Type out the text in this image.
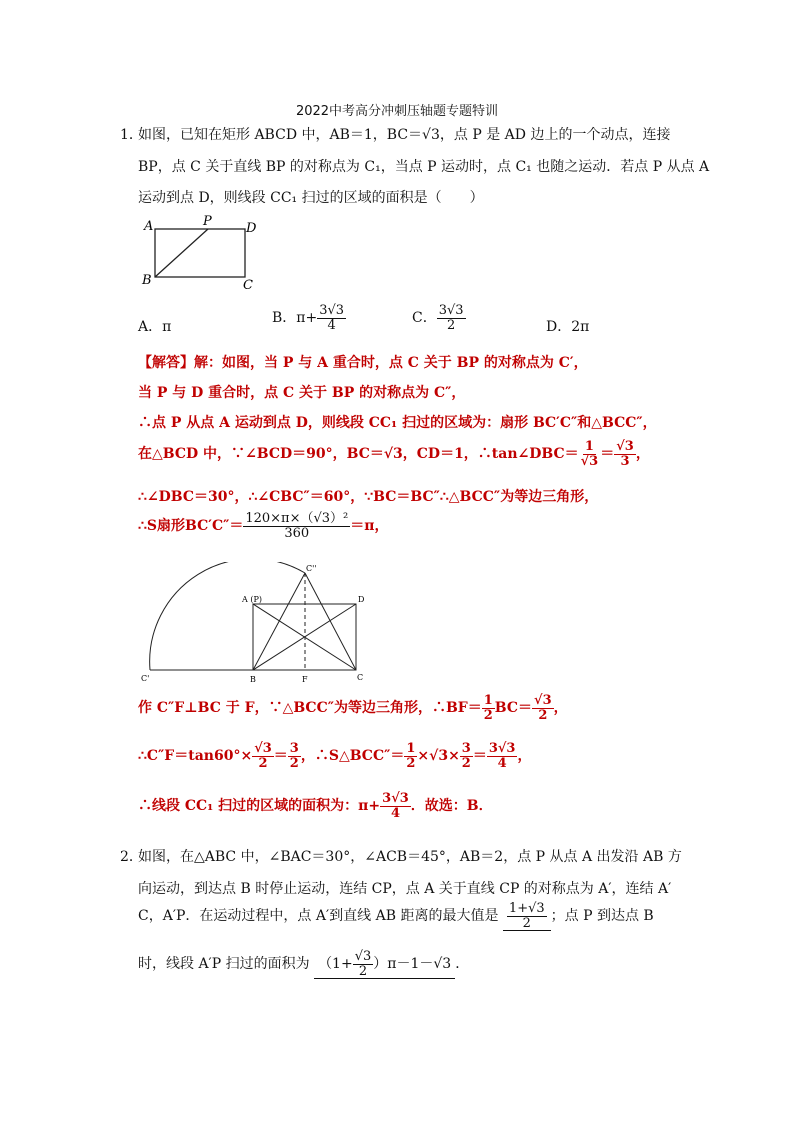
2022中考高分冲刺压轴题专题特训
1．
如图，已知在矩形 ABCD 中，AB＝1，BC＝√3，点 P 是 AD 边上的一个动点，连接
BP，点 C 关于直线 BP 的对称点为 C₁，当点 P 运动时，点 C₁ 也随之运动．若点 P 从点 A
运动到点 D，则线段 CC₁ 扫过的区域的面积是（　　）
A	P	D
B	C
A．π
B．$\pi+ \frac{3√3}{4}$	C． $\frac{3√3}{2}$	D．2π
【解答】解：如图，当 P 与 A 重合时，点 C 关于 BP 的对称点为 C′，
当 P 与 D 重合时，点 C 关于 BP 的对称点为 C″，
∴点 P 从点 A 运动到点 D，则线段 CC₁ 扫过的区域为：扇形 BC′C″和△BCC″，
在△BCD 中，∵∠BCD＝90°，BC＝√3，CD＝1，∴tan∠DBC＝ $\frac{1}{√3} = \frac{√3}{3}$ ，
∴∠DBC＝30°，∴∠CBC″＝60°，∵BC＝BC″∴△BCC″为等边三角形，
∴S扇形$BC'C''= \frac{\text{120×π×（√3）²}}{360} =\pi$，
C''
A (P)	D
C'	B	F	C
作 C″F⊥BC 于 F，∵△BCC″为等边三角形，∴BF＝ $\frac{1}{2} BC= \frac{√3}{2}$ ，
∴C″F＝tan60°× $\frac{√3}{2} = \frac{3}{2}$ ，∴S△BCC″＝ $\frac{1}{2} \times√3\times \frac{3}{2} = \frac{3√3}{4}$ ，
∴线段 CC₁ 扫过的区域的面积为：$\pi+ \frac{3√3}{4}$ ．故选：B．
2．
如图，在△ABC 中，∠BAC＝30°，∠ACB＝45°，AB＝2，点 P 从点 A 出发沿 AB 方
向运动，到达点 B 时停止运动，连结 CP，点 A 关于直线 CP 的对称点为 A′，连结 A′
C，A′P．在运动过程中，点 A′到直线 AB 距离的最大值是 $\frac{1+√3}{2}$ ；点 P 到达点 B
时，线段 A′P 扫过的面积为 $(1+ \frac{√3}{2} )\pi-1-√3$ ．
